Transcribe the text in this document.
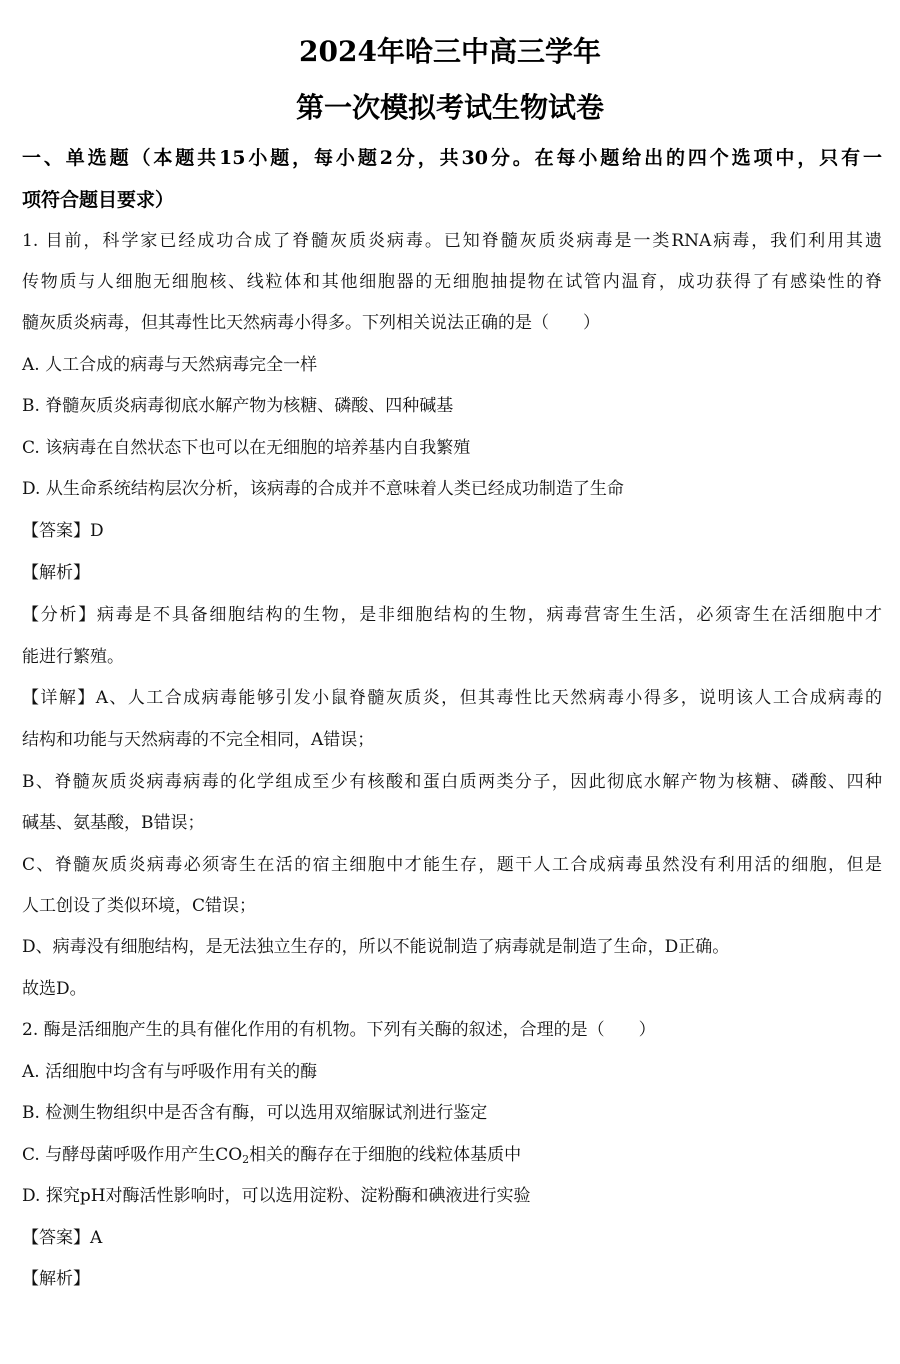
2024年哈三中高三学年
第一次模拟考试生物试卷
一、单选题（本题共15小题，每小题2分，共30分。在每小题给出的四个选项中，只有一
项符合题目要求）
1. 目前，科学家已经成功合成了脊髓灰质炎病毒。已知脊髓灰质炎病毒是一类RNA病毒，我们利用其遗
传物质与人细胞无细胞核、线粒体和其他细胞器的无细胞抽提物在试管内温育，成功获得了有感染性的脊
髓灰质炎病毒，但其毒性比天然病毒小得多。下列相关说法正确的是（　　）
A. 人工合成的病毒与天然病毒完全一样
B. 脊髓灰质炎病毒彻底水解产物为核糖、磷酸、四种碱基
C. 该病毒在自然状态下也可以在无细胞的培养基内自我繁殖
D. 从生命系统结构层次分析，该病毒的合成并不意味着人类已经成功制造了生命
【答案】D
【解析】
【分析】病毒是不具备细胞结构的生物，是非细胞结构的生物，病毒营寄生生活，必须寄生在活细胞中才
能进行繁殖。
【详解】A、人工合成病毒能够引发小鼠脊髓灰质炎，但其毒性比天然病毒小得多，说明该人工合成病毒的
结构和功能与天然病毒的不完全相同，A错误；
B、脊髓灰质炎病毒病毒的化学组成至少有核酸和蛋白质两类分子，因此彻底水解产物为核糖、磷酸、四种
碱基、氨基酸，B错误；
C、脊髓灰质炎病毒必须寄生在活的宿主细胞中才能生存，题干人工合成病毒虽然没有利用活的细胞，但是
人工创设了类似环境，C错误；
D、病毒没有细胞结构，是无法独立生存的，所以不能说制造了病毒就是制造了生命，D正确。
故选D。
2. 酶是活细胞产生的具有催化作用的有机物。下列有关酶的叙述，合理的是（　　）
A. 活细胞中均含有与呼吸作用有关的酶
B. 检测生物组织中是否含有酶，可以选用双缩脲试剂进行鉴定
C. 与酵母菌呼吸作用产生$CO_2$相关的酶存在于细胞的线粒体基质中
D. 探究pH对酶活性影响时，可以选用淀粉、淀粉酶和碘液进行实验
【答案】A
【解析】
